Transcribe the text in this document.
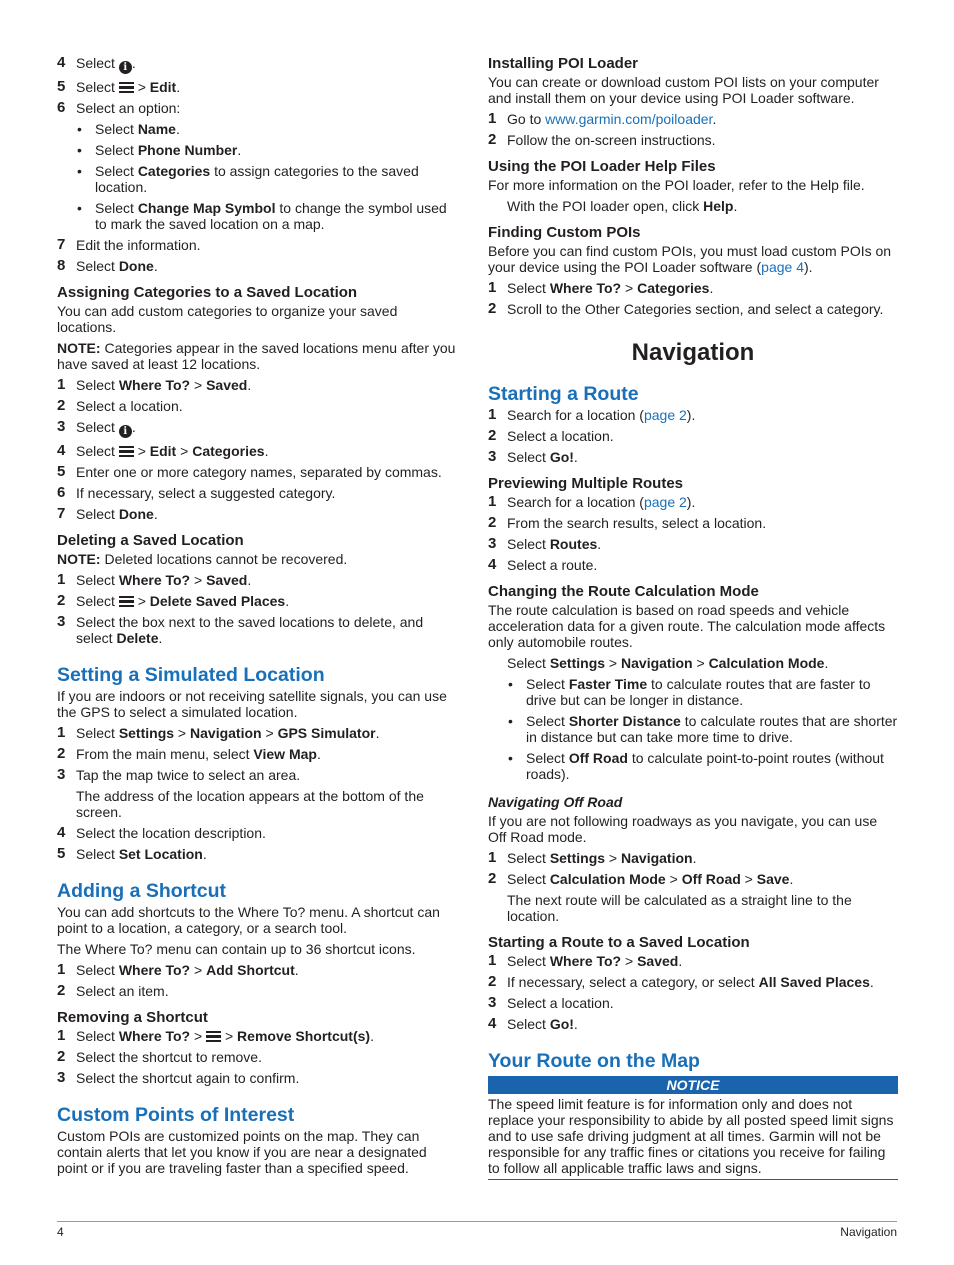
4 Select i .
5 Select
> Edit.
6 Select an option:
• Select Name.
• Select Phone Number.
• Select Categories to assign categories to the saved location.
• Select Change Map Symbol to change the symbol used to mark the saved location on a map.
7 Edit the information.
8 Select Done.
Assigning Categories to a Saved Location

You can add custom categories to organize your saved locations.

NOTE: Categories appear in the saved locations menu after you have saved at least 12 locations.

1 Select Where To? > Saved.
2 Select a location.
3 Select i .
4 Select
> Edit > Categories.
5 Enter one or more category names, separated by commas.
6 If necessary, select a suggested category.
7 Select Done.
Deleting a Saved Location

NOTE: Deleted locations cannot be recovered.

1 Select Where To? > Saved.
2 Select
> Delete Saved Places.
3 Select the box next to the saved locations to delete, and select Delete.
Setting a Simulated Location

If you are indoors or not receiving satellite signals, you can use the GPS to select a simulated location.

1 Select Settings > Navigation > GPS Simulator.
2 From the main menu, select View Map.
3 Tap the map twice to select an area.
The address of the location appears at the bottom of the screen.
4 Select the location description.
5 Select Set Location.
Adding a Shortcut

You can add shortcuts to the Where To? menu. A shortcut can point to a location, a category, or a search tool.

The Where To? menu can contain up to 36 shortcut icons.

1 Select Where To? > Add Shortcut.
2 Select an item.
Removing a Shortcut
1 Select Where To? >
> Remove Shortcut(s).
2 Select the shortcut to remove.
3 Select the shortcut again to confirm.
Custom Points of Interest

Custom POIs are customized points on the map. They can contain alerts that let you know if you are near a designated point or if you are traveling faster than a specified speed.

Installing POI Loader

You can create or download custom POI lists on your computer and install them on your device using POI Loader software.

1 Go to www.garmin.com/poiloader.
2 Follow the on-screen instructions.
Using the POI Loader Help Files

For more information on the POI loader, refer to the Help file.

With the POI loader open, click Help.
Finding Custom POIs

Before you can find custom POIs, you must load custom POIs on your device using the POI Loader software (page 4).

1 Select Where To? > Categories.
2 Scroll to the Other Categories section, and select a category.
Navigation
Starting a Route
1 Search for a location (page 2).
2 Select a location.
3 Select Go!.
Previewing Multiple Routes
1 Search for a location (page 2).
2 From the search results, select a location.
3 Select Routes.
4 Select a route.
Changing the Route Calculation Mode

The route calculation is based on road speeds and vehicle acceleration data for a given route. The calculation mode affects only automobile routes.

Select Settings > Navigation > Calculation Mode.
• Select Faster Time to calculate routes that are faster to drive but can be longer in distance.
• Select Shorter Distance to calculate routes that are shorter in distance but can take more time to drive.
• Select Off Road to calculate point-to-point routes (without roads).
Navigating Off Road

If you are not following roadways as you navigate, you can use Off Road mode.

1 Select Settings > Navigation.
2 Select Calculation Mode > Off Road > Save.
The next route will be calculated as a straight line to the location.
Starting a Route to a Saved Location
1 Select Where To? > Saved.
2 If necessary, select a category, or select All Saved Places.
3 Select a location.
4 Select Go!.
Your Route on the Map
NOTICE
The speed limit feature is for information only and does not replace your responsibility to abide by all posted speed limit signs and to use safe driving judgment at all times. Garmin will not be responsible for any traffic fines or citations you receive for failing to follow all applicable traffic laws and signs.
4	Navigation
